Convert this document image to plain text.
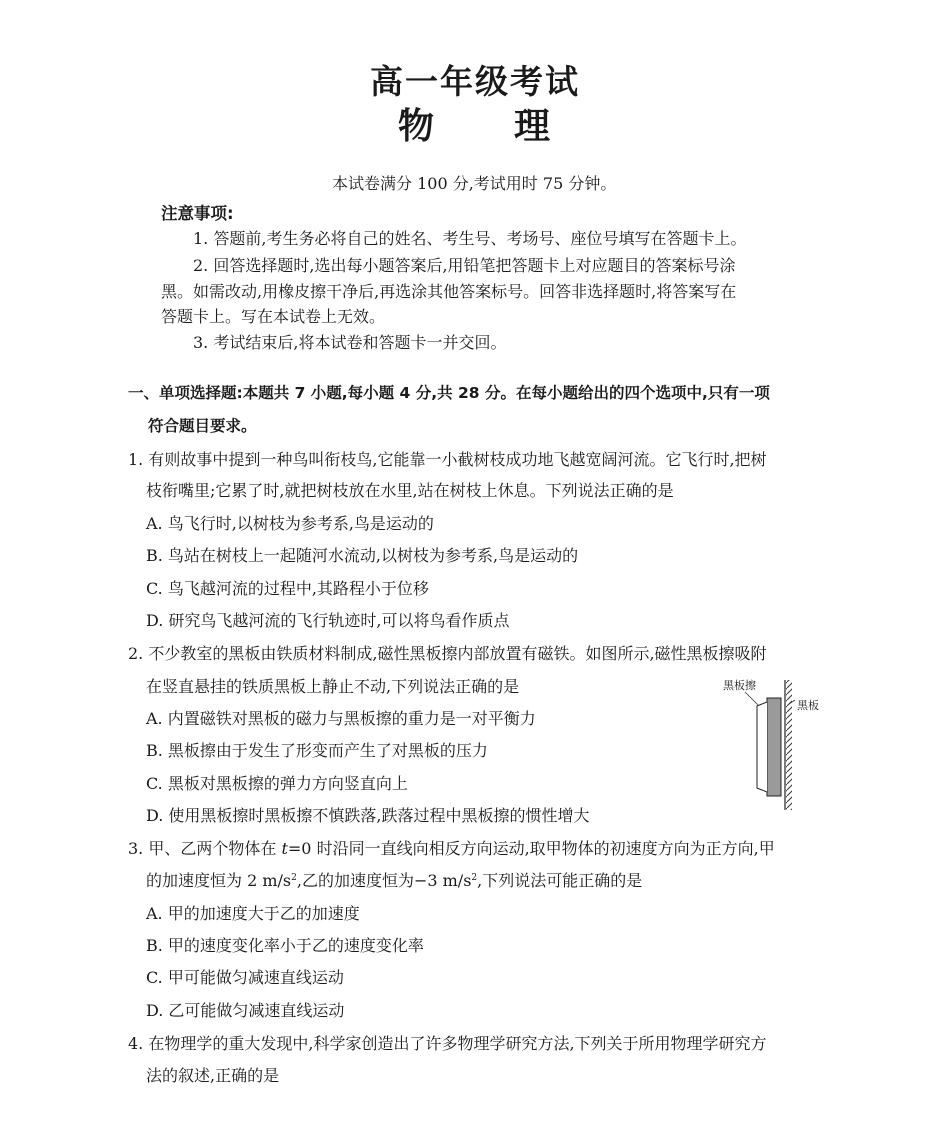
高一年级考试
物 理
本试卷满分 100 分,考试用时 75 分钟。
注意事项:
1. 答题前,考生务必将自己的姓名、考生号、考场号、座位号填写在答题卡上。
2. 回答选择题时,选出每小题答案后,用铅笔把答题卡上对应题目的答案标号涂
黑。如需改动,用橡皮擦干净后,再选涂其他答案标号。回答非选择题时,将答案写在
答题卡上。写在本试卷上无效。
3. 考试结束后,将本试卷和答题卡一并交回。
一、单项选择题:本题共 7 小题,每小题 4 分,共 28 分。在每小题给出的四个选项中,只有一项
符合题目要求。
1. 有则故事中提到一种鸟叫衔枝鸟,它能靠一小截树枝成功地飞越宽阔河流。它飞行时,把树
枝衔嘴里;它累了时,就把树枝放在水里,站在树枝上休息。下列说法正确的是
A. 鸟飞行时,以树枝为参考系,鸟是运动的
B. 鸟站在树枝上一起随河水流动,以树枝为参考系,鸟是运动的
C. 鸟飞越河流的过程中,其路程小于位移
D. 研究鸟飞越河流的飞行轨迹时,可以将鸟看作质点
2. 不少教室的黑板由铁质材料制成,磁性黑板擦内部放置有磁铁。如图所示,磁性黑板擦吸附
在竖直悬挂的铁质黑板上静止不动,下列说法正确的是
A. 内置磁铁对黑板的磁力与黑板擦的重力是一对平衡力
B. 黑板擦由于发生了形变而产生了对黑板的压力
C. 黑板对黑板擦的弹力方向竖直向上
D. 使用黑板擦时黑板擦不慎跌落,跌落过程中黑板擦的惯性增大
黑板擦
黑板
3. 甲、乙两个物体在 t=0 时沿同一直线向相反方向运动,取甲物体的初速度方向为正方向,甲
的加速度恒为 2 $m/s^2$,乙的加速度恒为−3 $m/s^2$,下列说法可能正确的是
A. 甲的加速度大于乙的加速度
B. 甲的速度变化率小于乙的速度变化率
C. 甲可能做匀减速直线运动
D. 乙可能做匀减速直线运动
4. 在物理学的重大发现中,科学家创造出了许多物理学研究方法,下列关于所用物理学研究方
法的叙述,正确的是
